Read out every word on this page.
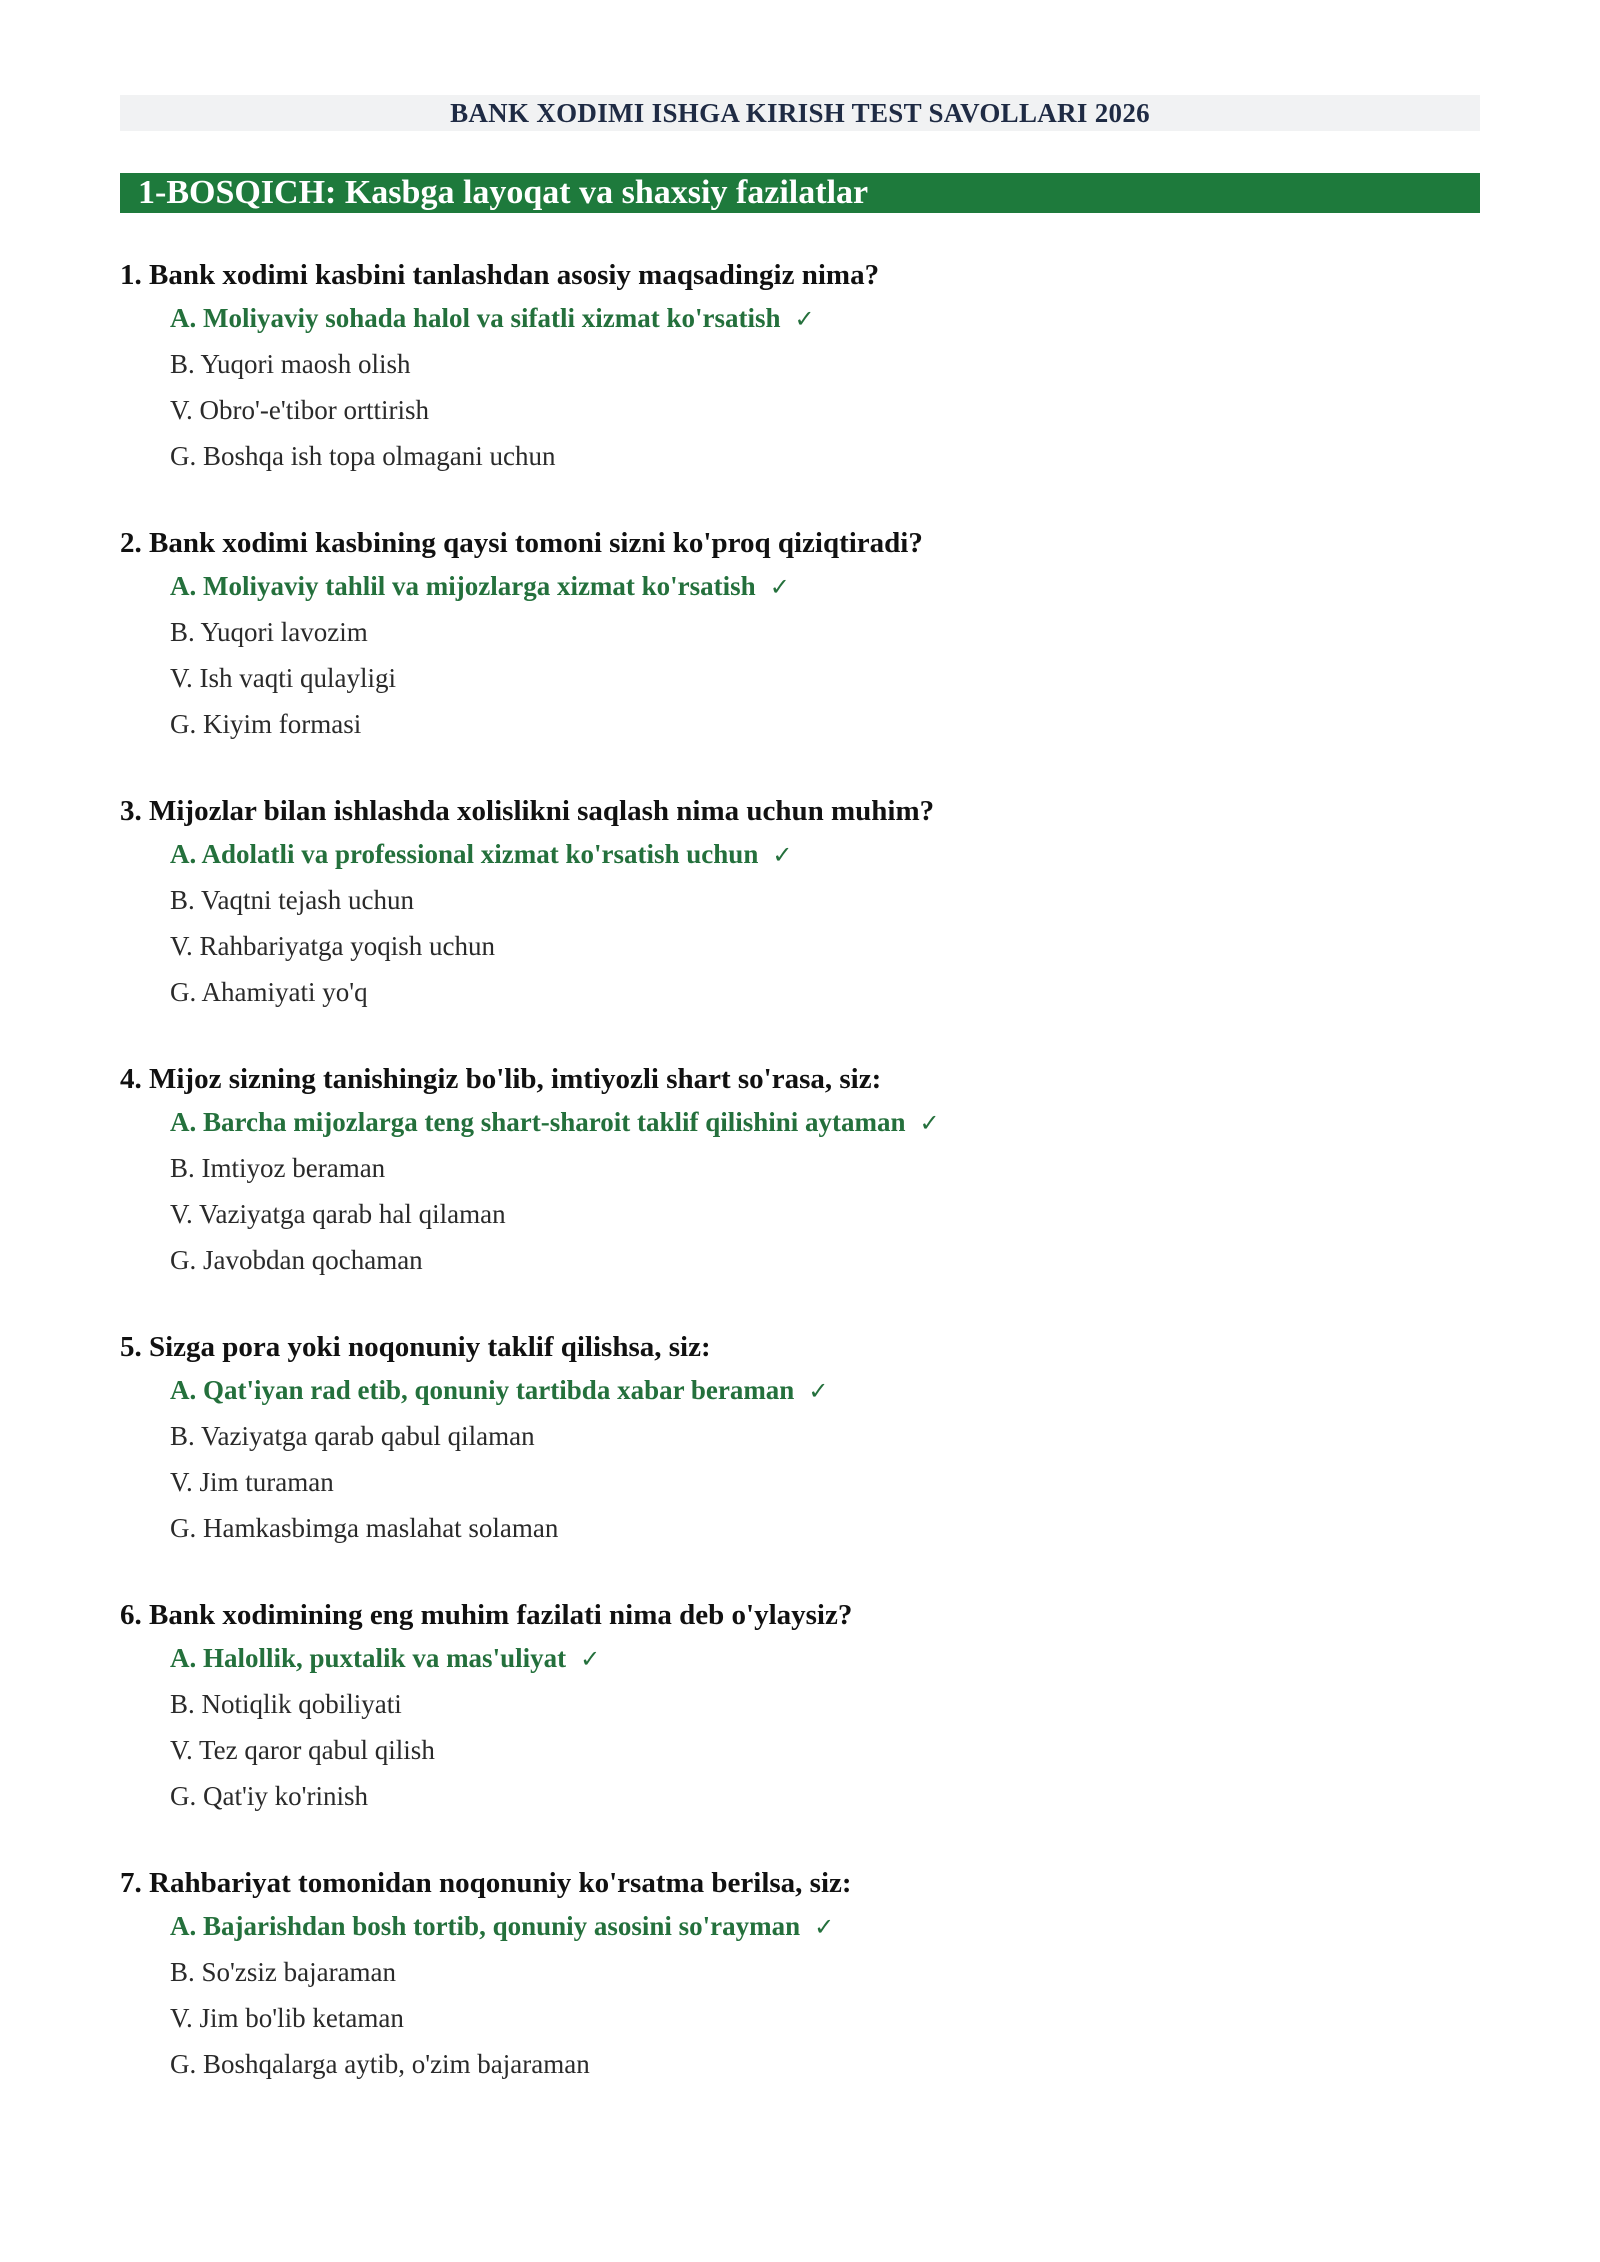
BANK XODIMI ISHGA KIRISH TEST SAVOLLARI 2026
1-BOSQICH: Kasbga layoqat va shaxsiy fazilatlar
1. Bank xodimi kasbini tanlashdan asosiy maqsadingiz nima?
A. Moliyaviy sohada halol va sifatli xizmat ko'rsatish ✓
B. Yuqori maosh olish
V. Obro'-e'tibor orttirish
G. Boshqa ish topa olmagani uchun
2. Bank xodimi kasbining qaysi tomoni sizni ko'proq qiziqtiradi?
A. Moliyaviy tahlil va mijozlarga xizmat ko'rsatish ✓
B. Yuqori lavozim
V. Ish vaqti qulayligi
G. Kiyim formasi
3. Mijozlar bilan ishlashda xolislikni saqlash nima uchun muhim?
A. Adolatli va professional xizmat ko'rsatish uchun ✓
B. Vaqtni tejash uchun
V. Rahbariyatga yoqish uchun
G. Ahamiyati yo'q
4. Mijoz sizning tanishingiz bo'lib, imtiyozli shart so'rasa, siz:
A. Barcha mijozlarga teng shart-sharoit taklif qilishini aytaman ✓
B. Imtiyoz beraman
V. Vaziyatga qarab hal qilaman
G. Javobdan qochaman
5. Sizga pora yoki noqonuniy taklif qilishsa, siz:
A. Qat'iyan rad etib, qonuniy tartibda xabar beraman ✓
B. Vaziyatga qarab qabul qilaman
V. Jim turaman
G. Hamkasbimga maslahat solaman
6. Bank xodimining eng muhim fazilati nima deb o'ylaysiz?
A. Halollik, puxtalik va mas'uliyat ✓
B. Notiqlik qobiliyati
V. Tez qaror qabul qilish
G. Qat'iy ko'rinish
7. Rahbariyat tomonidan noqonuniy ko'rsatma berilsa, siz:
A. Bajarishdan bosh tortib, qonuniy asosini so'rayman ✓
B. So'zsiz bajaraman
V. Jim bo'lib ketaman
G. Boshqalarga aytib, o'zim bajaraman
